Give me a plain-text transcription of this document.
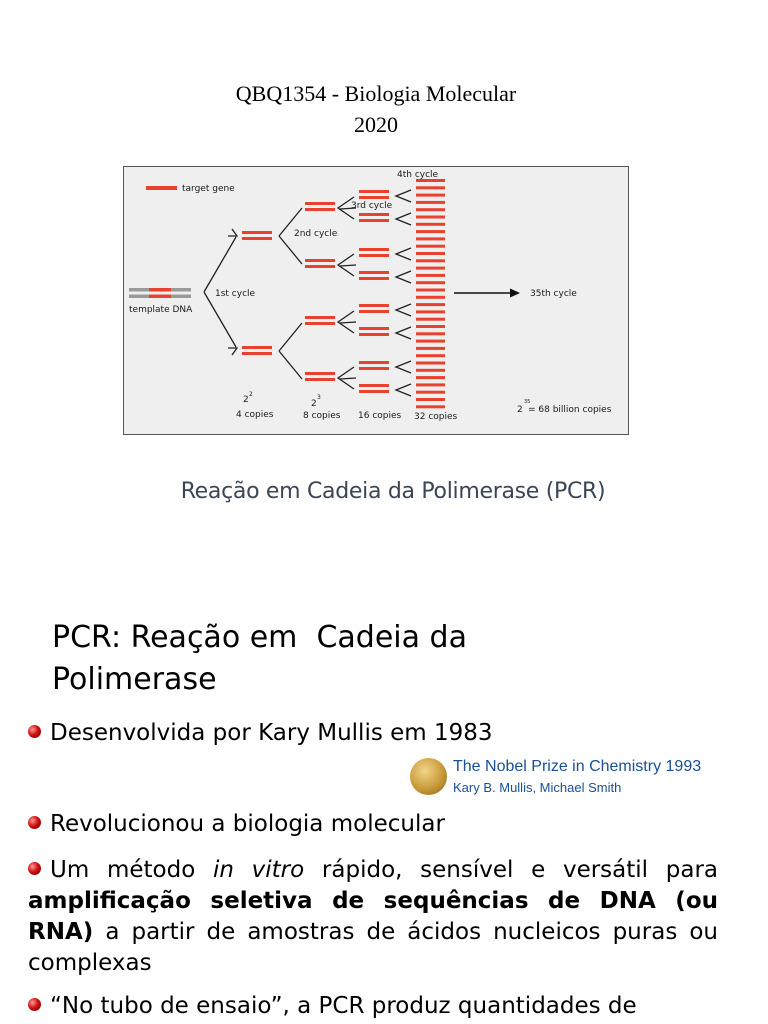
QBQ1354 - Biologia Molecular
2020
target gene
template DNA
1st cycle
2nd cycle
3rd cycle
4th cycle
35th cycle
2
2
4 copies
2
3
8 copies 16 copies 32 copies
2
35
= 68 billion copies
Reação em Cadeia da Polimerase (PCR)
PCR: Reação em  Cadeia da
Polimerase
Desenvolvida por Kary Mullis em 1983
The Nobel Prize in Chemistry 1993
Kary B. Mullis, Michael Smith
Revolucionou a biologia molecular
Um método in vitro rápido, sensível e versátil para amplificação seletiva de sequências de DNA (ou RNA) a partir de amostras de ácidos nucleicos puras ou complexas
“No tubo de ensaio”, a PCR produz quantidades de
